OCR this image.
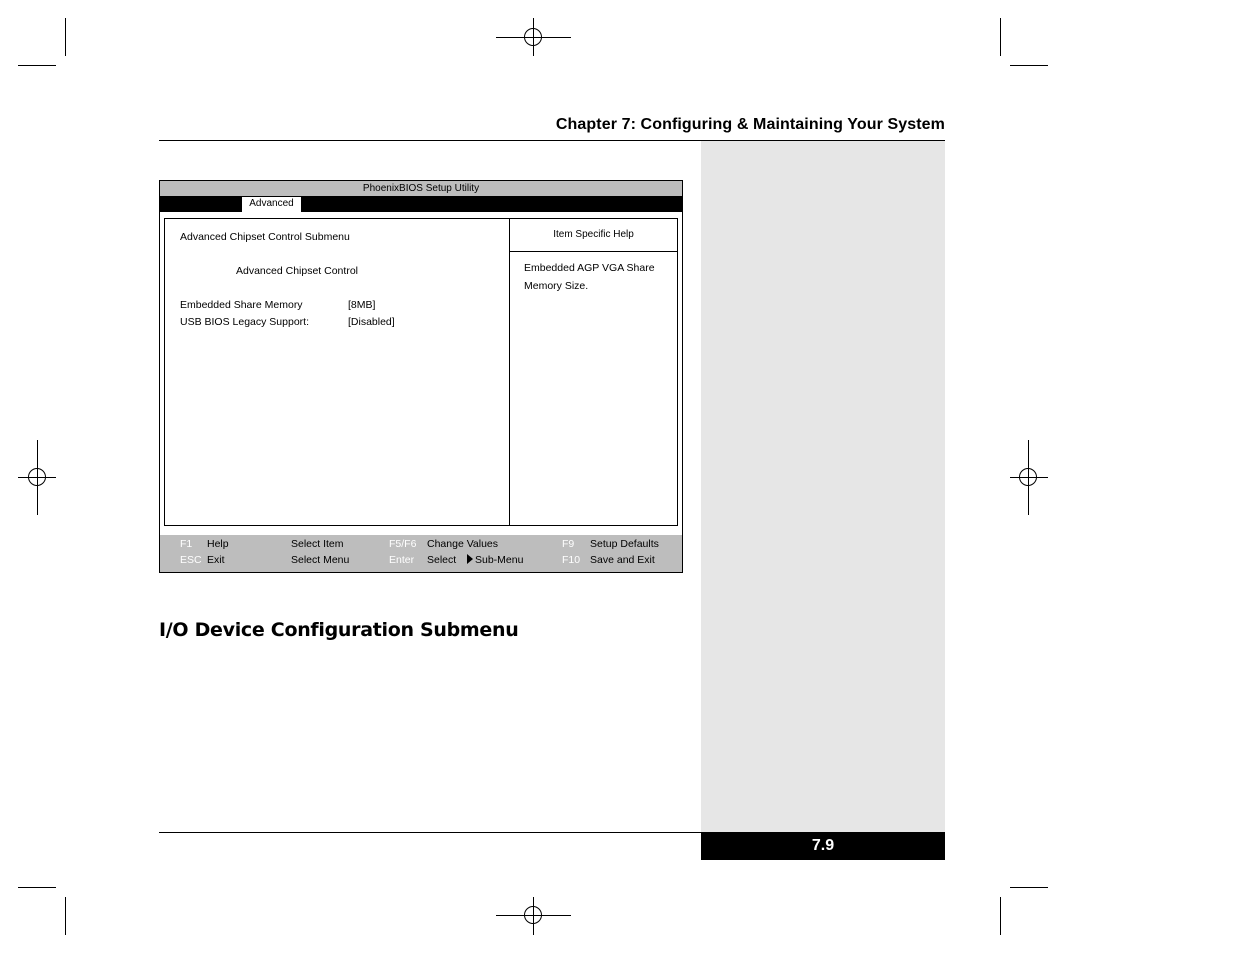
Chapter 7: Configuring & Maintaining Your System
PhoenixBIOS Setup Utility
Advanced
Advanced Chipset Control Submenu
Advanced Chipset Control
Embedded Share Memory	[8MB]
USB BIOS Legacy Support:	[Disabled]
Item Specific Help
Embedded AGP VGA Share Memory Size.
F1 Help	Select Item	F5/F6 Change Values	F9 Setup Defaults
ESC Exit	Select Menu	Enter Select	Sub-Menu	F10 Save and Exit
I/O Device Configuration Submenu
7.9
